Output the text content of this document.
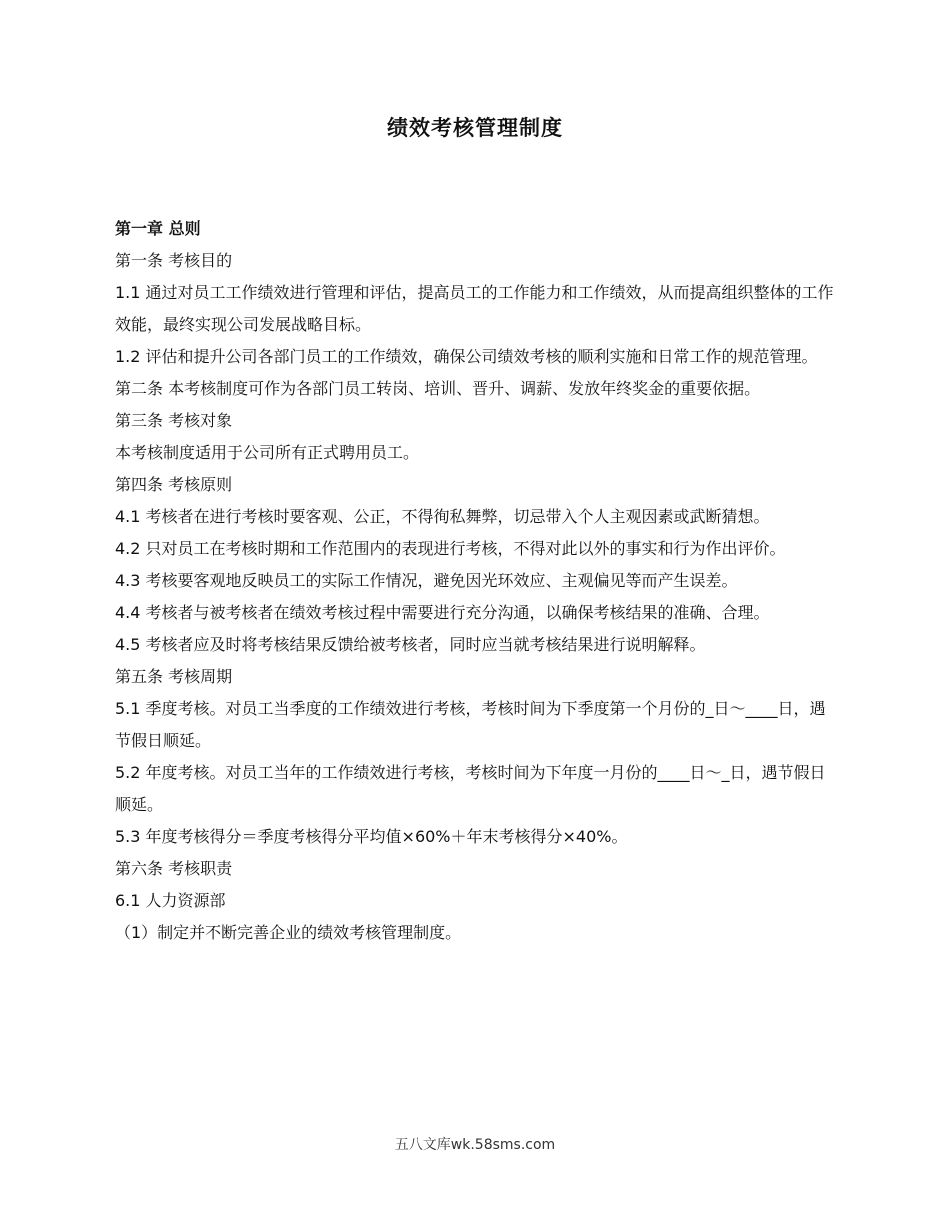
绩效考核管理制度

第一章 总则

第一条 考核目的

1.1 通过对员工工作绩效进行管理和评估，提高员工的工作能力和工作绩效，从而提高组织整体的工作效能，最终实现公司发展战略目标。

1.2 评估和提升公司各部门员工的工作绩效，确保公司绩效考核的顺利实施和日常工作的规范管理。

第二条 本考核制度可作为各部门员工转岗、培训、晋升、调薪、发放年终奖金的重要依据。

第三条 考核对象

本考核制度适用于公司所有正式聘用员工。

第四条 考核原则

4.1 考核者在进行考核时要客观、公正，不得徇私舞弊，切忌带入个人主观因素或武断猜想。

4.2 只对员工在考核时期和工作范围内的表现进行考核，不得对此以外的事实和行为作出评价。

4.3 考核要客观地反映员工的实际工作情况，避免因光环效应、主观偏见等而产生误差。

4.4 考核者与被考核者在绩效考核过程中需要进行充分沟通，以确保考核结果的准确、合理。

4.5 考核者应及时将考核结果反馈给被考核者，同时应当就考核结果进行说明解释。

第五条 考核周期

5.1 季度考核。对员工当季度的工作绩效进行考核，考核时间为下季度第一个月份的_日～____日，遇节假日顺延。

5.2 年度考核。对员工当年的工作绩效进行考核，考核时间为下年度一月份的____日～_日，遇节假日顺延。

5.3 年度考核得分＝季度考核得分平均值×60%＋年末考核得分×40%。

第六条 考核职责

6.1 人力资源部

（1）制定并不断完善企业的绩效考核管理制度。

五八文库wk.58sms.com
